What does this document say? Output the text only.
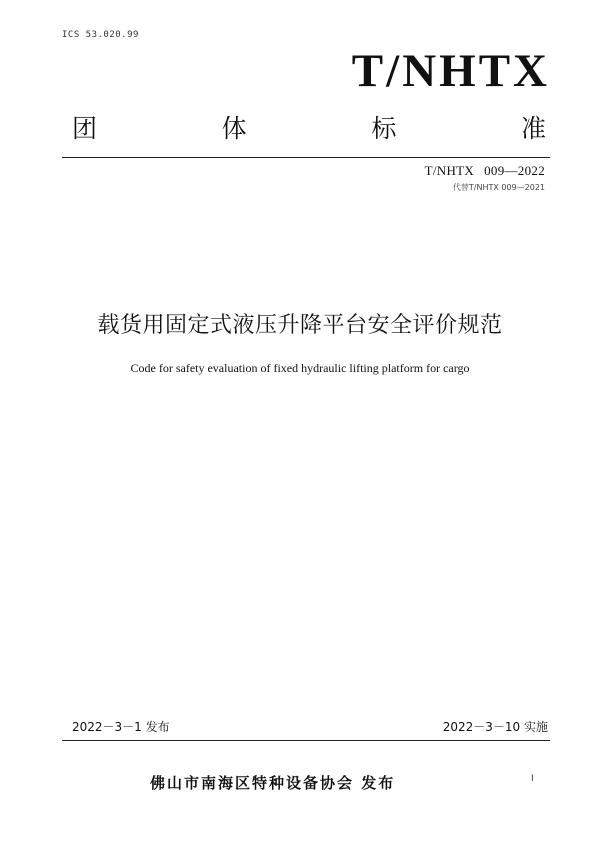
ICS 53.020.99
T/NHTX
团	体	标	准
T/NHTX 009—2022
代替T/NHTX 009—2021
载货用固定式液压升降平台安全评价规范
Code for safety evaluation of fixed hydraulic lifting platform for cargo
2022－3－1 发布	2022－3－10 实施
佛山市南海区特种设备协会 发布	I
